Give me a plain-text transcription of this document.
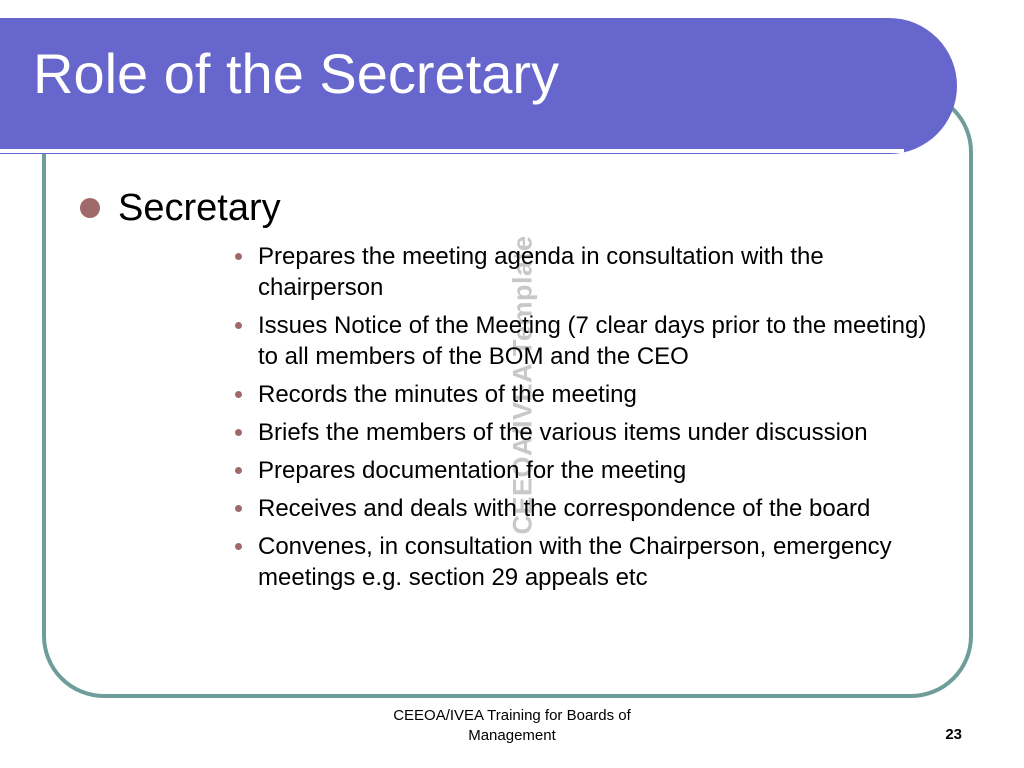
Role of the Secretary
CEEOA/IVEA Template
Secretary
Prepares the meeting agenda in consultation with the chairperson
Issues Notice of the Meeting (7 clear days prior to the meeting) to all members of the BOM and the CEO
Records the minutes of the meeting
Briefs the members of the various items under discussion
Prepares documentation for the meeting
Receives and deals with the correspondence of the board
Convenes, in consultation with the Chairperson, emergency meetings e.g. section 29 appeals etc
CEEOA/IVEA Training for Boards of Management	23
